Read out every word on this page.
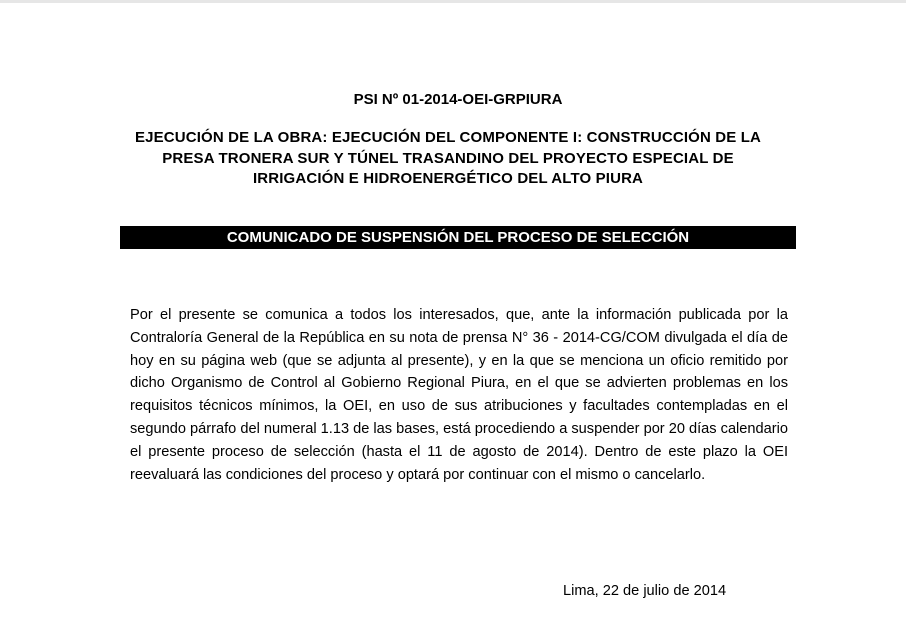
PSI Nº 01-2014-OEI-GRPIURA
EJECUCIÓN DE LA OBRA: EJECUCIÓN DEL COMPONENTE I: CONSTRUCCIÓN DE LA PRESA TRONERA SUR Y TÚNEL TRASANDINO DEL PROYECTO ESPECIAL DE IRRIGACIÓN E HIDROENERGÉTICO DEL ALTO PIURA
COMUNICADO DE SUSPENSIÓN DEL PROCESO DE SELECCIÓN

Por el presente se comunica a todos los interesados, que, ante la información publicada por la Contraloría General de la República en su nota de prensa N° 36 - 2014-CG/COM divulgada el día de hoy en su página web (que se adjunta al presente), y en la que se menciona un oficio remitido por dicho Organismo de Control al Gobierno Regional Piura, en el que se advierten problemas en los requisitos técnicos mínimos, la OEI, en uso de sus atribuciones y facultades contempladas en el segundo párrafo del numeral 1.13 de las bases, está procediendo a suspender por 20 días calendario el presente proceso de selección (hasta el 11 de agosto de 2014). Dentro de este plazo la OEI reevaluará las condiciones del proceso y optará por continuar con el mismo o cancelarlo.

Lima, 22 de julio de 2014
